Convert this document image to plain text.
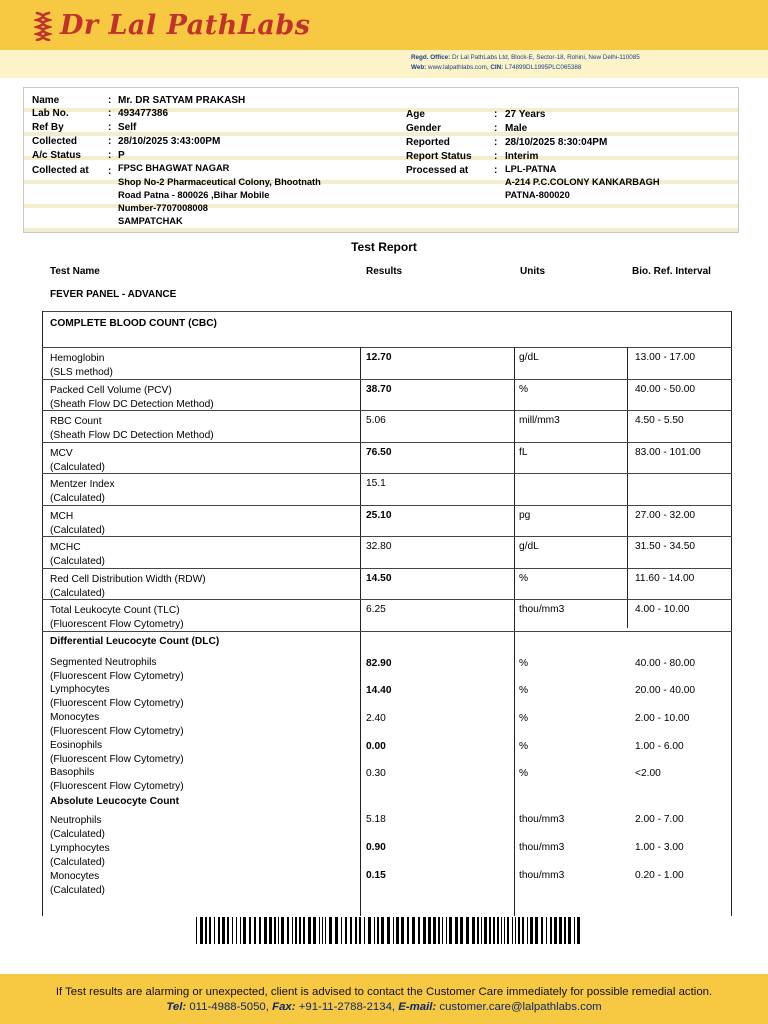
Dr Lal PathLabs
Regd. Office: Dr Lal PathLabs Ltd, Block-E, Sector-18, Rohini, New Delhi-110085
Web: www.lalpathlabs.com, CIN: L74899DL1995PLC065388
Name	: Mr. DR SATYAM PRAKASH
Lab No.	: 493477386
Ref By	: Self
Collected	: 28/10/2025 3:43:00PM
A/c Status	: P
Collected at : FPSC BHAGWAT NAGAR
Shop No-2 Pharmaceutical Colony, Bhootnath
Road Patna - 800026 ,Bihar Mobile
Number-7707008008
SAMPATCHAK
Age	: 27 Years
Gender	: Male
Reported	: 28/10/2025 8:30:04PM
Report Status : Interim
Processed at	: LPL-PATNA
A-214 P.C.COLONY KANKARBAGH
PATNA-800020
Test Report
Test Name	Results	Units	Bio. Ref. Interval
FEVER PANEL - ADVANCE
COMPLETE BLOOD COUNT (CBC)
Hemoglobin
(SLS method)
12.70	g/dL	13.00 - 17.00
Packed Cell Volume (PCV)
(Sheath Flow DC Detection Method)
38.70	%	40.00 - 50.00
RBC Count
(Sheath Flow DC Detection Method)
5.06	mill/mm3	4.50 - 5.50
MCV
(Calculated)
76.50	fL	83.00 - 101.00
Mentzer Index
(Calculated)
15.1
MCH
(Calculated)
25.10	pg	27.00 - 32.00
MCHC
(Calculated)
32.80	g/dL	31.50 - 34.50
Red Cell Distribution Width (RDW)
(Calculated)
14.50	%	11.60 - 14.00
Total Leukocyte Count (TLC)
(Fluorescent Flow Cytometry)
6.25	thou/mm3	4.00 - 10.00
Differential Leucocyte Count (DLC)
Segmented Neutrophils
(Fluorescent Flow Cytometry)
82.90	%	40.00 - 80.00
Lymphocytes
(Fluorescent Flow Cytometry)
14.40	%	20.00 - 40.00
Monocytes
(Fluorescent Flow Cytometry)
2.40	%	2.00 - 10.00
Eosinophils
(Fluorescent Flow Cytometry)
0.00	%	1.00 - 6.00
Basophils
(Fluorescent Flow Cytometry)
0.30	%	<2.00
Absolute Leucocyte Count
Neutrophils
(Calculated)
5.18	thou/mm3	2.00 - 7.00
Lymphocytes
(Calculated)
0.90	thou/mm3	1.00 - 3.00
Monocytes
(Calculated)
0.15	thou/mm3	0.20 - 1.00
If Test results are alarming or unexpected, client is advised to contact the Customer Care immediately for possible remedial action.
Tel: 011-4988-5050, Fax: +91-11-2788-2134, E-mail: customer.care@lalpathlabs.com
